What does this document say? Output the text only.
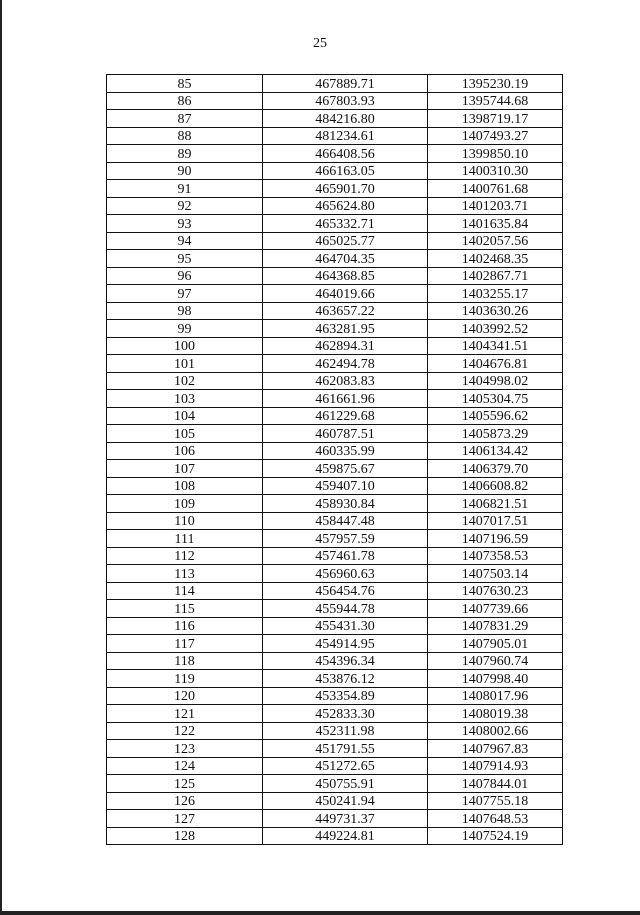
25
85	467889.71	1395230.19
86	467803.93	1395744.68
87	484216.80	1398719.17
88	481234.61	1407493.27
89	466408.56	1399850.10
90	466163.05	1400310.30
91	465901.70	1400761.68
92	465624.80	1401203.71
93	465332.71	1401635.84
94	465025.77	1402057.56
95	464704.35	1402468.35
96	464368.85	1402867.71
97	464019.66	1403255.17
98	463657.22	1403630.26
99	463281.95	1403992.52
100	462894.31	1404341.51
101	462494.78	1404676.81
102	462083.83	1404998.02
103	461661.96	1405304.75
104	461229.68	1405596.62
105	460787.51	1405873.29
106	460335.99	1406134.42
107	459875.67	1406379.70
108	459407.10	1406608.82
109	458930.84	1406821.51
110	458447.48	1407017.51
111	457957.59	1407196.59
112	457461.78	1407358.53
113	456960.63	1407503.14
114	456454.76	1407630.23
115	455944.78	1407739.66
116	455431.30	1407831.29
117	454914.95	1407905.01
118	454396.34	1407960.74
119	453876.12	1407998.40
120	453354.89	1408017.96
121	452833.30	1408019.38
122	452311.98	1408002.66
123	451791.55	1407967.83
124	451272.65	1407914.93
125	450755.91	1407844.01
126	450241.94	1407755.18
127	449731.37	1407648.53
128	449224.81	1407524.19
